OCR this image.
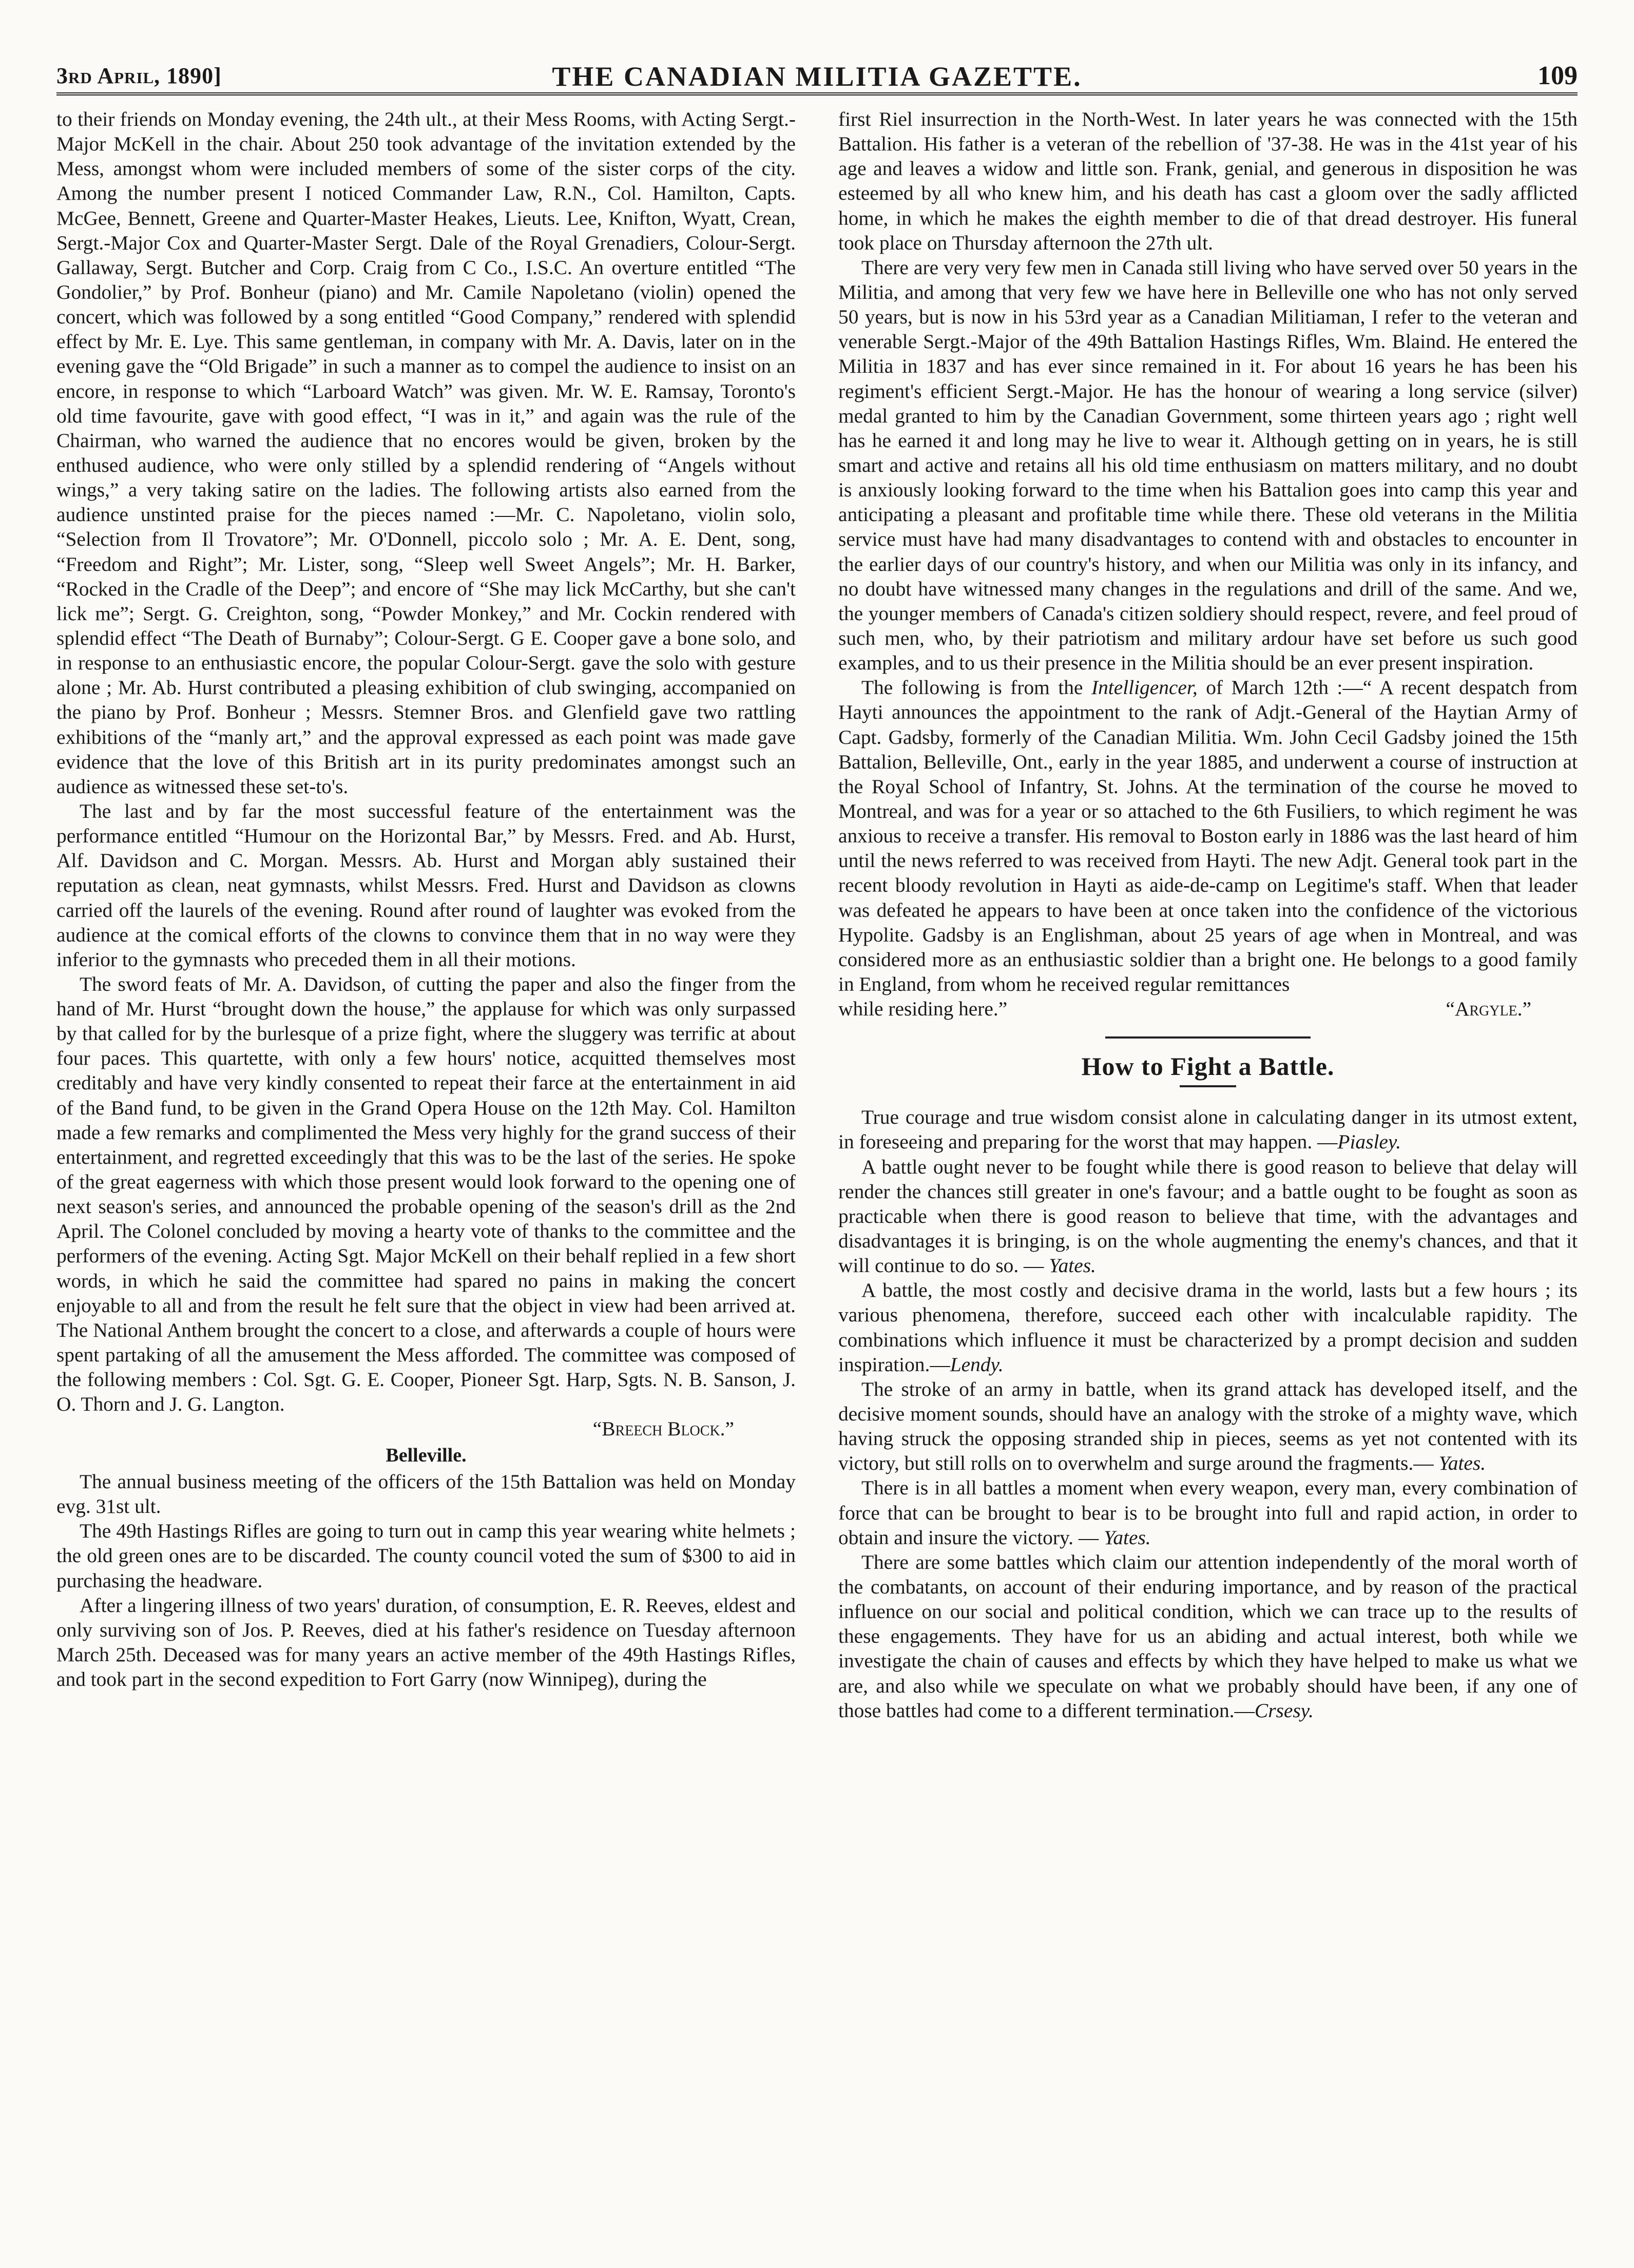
3rd April, 1890]	THE CANADIAN MILITIA GAZETTE.	109

to their friends on Monday evening, the 24th ult., at their Mess Rooms, with Acting Sergt.-Major McKell in the chair. About 250 took advantage of the invitation extended by the Mess, amongst whom were included members of some of the sister corps of the city. Among the number present I noticed Commander Law, R.N., Col. Hamilton, Capts. McGee, Bennett, Greene and Quarter-Master Heakes, Lieuts. Lee, Knifton, Wyatt, Crean, Sergt.-Major Cox and Quarter-Master Sergt. Dale of the Royal Grenadiers, Colour-Sergt. Gallaway, Sergt. Butcher and Corp. Craig from C Co., I.S.C. An overture entitled “The Gondolier,” by Prof. Bonheur (piano) and Mr. Camile Napoletano (violin) opened the concert, which was followed by a song entitled “Good Company,” rendered with splendid effect by Mr. E. Lye. This same gentleman, in company with Mr. A. Davis, later on in the evening gave the “Old Brigade” in such a manner as to compel the audience to insist on an encore, in response to which “Larboard Watch” was given. Mr. W. E. Ramsay, Toronto's old time favourite, gave with good effect, “I was in it,” and again was the rule of the Chairman, who warned the audience that no encores would be given, broken by the enthused audience, who were only stilled by a splendid rendering of “Angels without wings,” a very taking satire on the ladies. The following artists also earned from the audience unstinted praise for the pieces named :—Mr. C. Napoletano, violin solo, “Selection from Il Trovatore”; Mr. O'Donnell, piccolo solo ; Mr. A. E. Dent, song, “Freedom and Right”; Mr. Lister, song, “Sleep well Sweet Angels”; Mr. H. Barker, “Rocked in the Cradle of the Deep”; and encore of “She may lick McCarthy, but she can't lick me”; Sergt. G. Creighton, song, “Powder Monkey,” and Mr. Cockin rendered with splendid effect “The Death of Burnaby”; Colour-Sergt. G E. Cooper gave a bone solo, and in response to an enthusiastic encore, the popular Colour-Sergt. gave the solo with gesture alone ; Mr. Ab. Hurst contributed a pleasing exhibition of club swinging, accompanied on the piano by Prof. Bonheur ; Messrs. Stemner Bros. and Glenfield gave two rattling exhibitions of the “manly art,” and the approval expressed as each point was made gave evidence that the love of this British art in its purity predominates amongst such an audience as witnessed these set-to's.

The last and by far the most successful feature of the entertainment was the performance entitled “Humour on the Horizontal Bar,” by Messrs. Fred. and Ab. Hurst, Alf. Davidson and C. Morgan. Messrs. Ab. Hurst and Morgan ably sustained their reputation as clean, neat gymnasts, whilst Messrs. Fred. Hurst and Davidson as clowns carried off the laurels of the evening. Round after round of laughter was evoked from the audience at the comical efforts of the clowns to convince them that in no way were they inferior to the gymnasts who preceded them in all their motions.

The sword feats of Mr. A. Davidson, of cutting the paper and also the finger from the hand of Mr. Hurst “brought down the house,” the applause for which was only surpassed by that called for by the burlesque of a prize fight, where the sluggery was terrific at about four paces. This quartette, with only a few hours' notice, acquitted themselves most creditably and have very kindly consented to repeat their farce at the entertainment in aid of the Band fund, to be given in the Grand Opera House on the 12th May. Col. Hamilton made a few remarks and complimented the Mess very highly for the grand success of their entertainment, and regretted exceedingly that this was to be the last of the series. He spoke of the great eagerness with which those present would look forward to the opening one of next season's series, and announced the probable opening of the season's drill as the 2nd April. The Colonel concluded by moving a hearty vote of thanks to the committee and the performers of the evening. Acting Sgt. Major McKell on their behalf replied in a few short words, in which he said the committee had spared no pains in making the concert enjoyable to all and from the result he felt sure that the object in view had been arrived at. The National Anthem brought the concert to a close, and afterwards a couple of hours were spent partaking of all the amusement the Mess afforded. The committee was composed of the following members : Col. Sgt. G. E. Cooper, Pioneer Sgt. Harp, Sgts. N. B. Sanson, J. O. Thorn and J. G. Langton.

“Breech Block.”
Belleville.

The annual business meeting of the officers of the 15th Battalion was held on Monday evg. 31st ult.

The 49th Hastings Rifles are going to turn out in camp this year wearing white helmets ; the old green ones are to be discarded. The county council voted the sum of $300 to aid in purchasing the headware.

After a lingering illness of two years' duration, of consumption, E. R. Reeves, eldest and only surviving son of Jos. P. Reeves, died at his father's residence on Tuesday afternoon March 25th. Deceased was for many years an active member of the 49th Hastings Rifles, and took part in the second expedition to Fort Garry (now Winnipeg), during the

first Riel insurrection in the North-West. In later years he was connected with the 15th Battalion. His father is a veteran of the rebellion of '37-38. He was in the 41st year of his age and leaves a widow and little son. Frank, genial, and generous in disposition he was esteemed by all who knew him, and his death has cast a gloom over the sadly afflicted home, in which he makes the eighth member to die of that dread destroyer. His funeral took place on Thursday afternoon the 27th ult.

There are very very few men in Canada still living who have served over 50 years in the Militia, and among that very few we have here in Belleville one who has not only served 50 years, but is now in his 53rd year as a Canadian Militiaman, I refer to the veteran and venerable Sergt.-Major of the 49th Battalion Hastings Rifles, Wm. Blaind. He entered the Militia in 1837 and has ever since remained in it. For about 16 years he has been his regiment's efficient Sergt.-Major. He has the honour of wearing a long service (silver) medal granted to him by the Canadian Government, some thirteen years ago ; right well has he earned it and long may he live to wear it. Although getting on in years, he is still smart and active and retains all his old time enthusiasm on matters military, and no doubt is anxiously looking forward to the time when his Battalion goes into camp this year and anticipating a pleasant and profitable time while there. These old veterans in the Militia service must have had many disadvantages to contend with and obstacles to encounter in the earlier days of our country's history, and when our Militia was only in its infancy, and no doubt have witnessed many changes in the regulations and drill of the same. And we, the younger members of Canada's citizen soldiery should respect, revere, and feel proud of such men, who, by their patriotism and military ardour have set before us such good examples, and to us their presence in the Militia should be an ever present inspiration.

The following is from the Intelligencer, of March 12th :—“ A recent despatch from Hayti announces the appointment to the rank of Adjt.-General of the Haytian Army of Capt. Gadsby, formerly of the Canadian Militia. Wm. John Cecil Gadsby joined the 15th Battalion, Belleville, Ont., early in the year 1885, and underwent a course of instruction at the Royal School of Infantry, St. Johns. At the termination of the course he moved to Montreal, and was for a year or so attached to the 6th Fusiliers, to which regiment he was anxious to receive a transfer. His removal to Boston early in 1886 was the last heard of him until the news referred to was received from Hayti. The new Adjt. General took part in the recent bloody revolution in Hayti as aide-de-camp on Legitime's staff. When that leader was defeated he appears to have been at once taken into the confidence of the victorious Hypolite. Gadsby is an Englishman, about 25 years of age when in Montreal, and was considered more as an enthusiastic soldier than a bright one. He belongs to a good family in England, from whom he received regular remittances

while residing here.”	“Argyle.”
How to Fight a Battle.

True courage and true wisdom consist alone in calculating danger in its utmost extent, in foreseeing and preparing for the worst that may happen. —Piasley.

A battle ought never to be fought while there is good reason to believe that delay will render the chances still greater in one's favour; and a battle ought to be fought as soon as practicable when there is good reason to believe that time, with the advantages and disadvantages it is bringing, is on the whole augmenting the enemy's chances, and that it will continue to do so. — Yates.

A battle, the most costly and decisive drama in the world, lasts but a few hours ; its various phenomena, therefore, succeed each other with incalculable rapidity. The combinations which influence it must be characterized by a prompt decision and sudden inspiration.—Lendy.

The stroke of an army in battle, when its grand attack has developed itself, and the decisive moment sounds, should have an analogy with the stroke of a mighty wave, which having struck the opposing stranded ship in pieces, seems as yet not contented with its victory, but still rolls on to overwhelm and surge around the fragments.— Yates.

There is in all battles a moment when every weapon, every man, every combination of force that can be brought to bear is to be brought into full and rapid action, in order to obtain and insure the victory. — Yates.

There are some battles which claim our attention independently of the moral worth of the combatants, on account of their enduring importance, and by reason of the practical influence on our social and political condition, which we can trace up to the results of these engagements. They have for us an abiding and actual interest, both while we investigate the chain of causes and effects by which they have helped to make us what we are, and also while we speculate on what we probably should have been, if any one of those battles had come to a different termination.—Crsesy.
